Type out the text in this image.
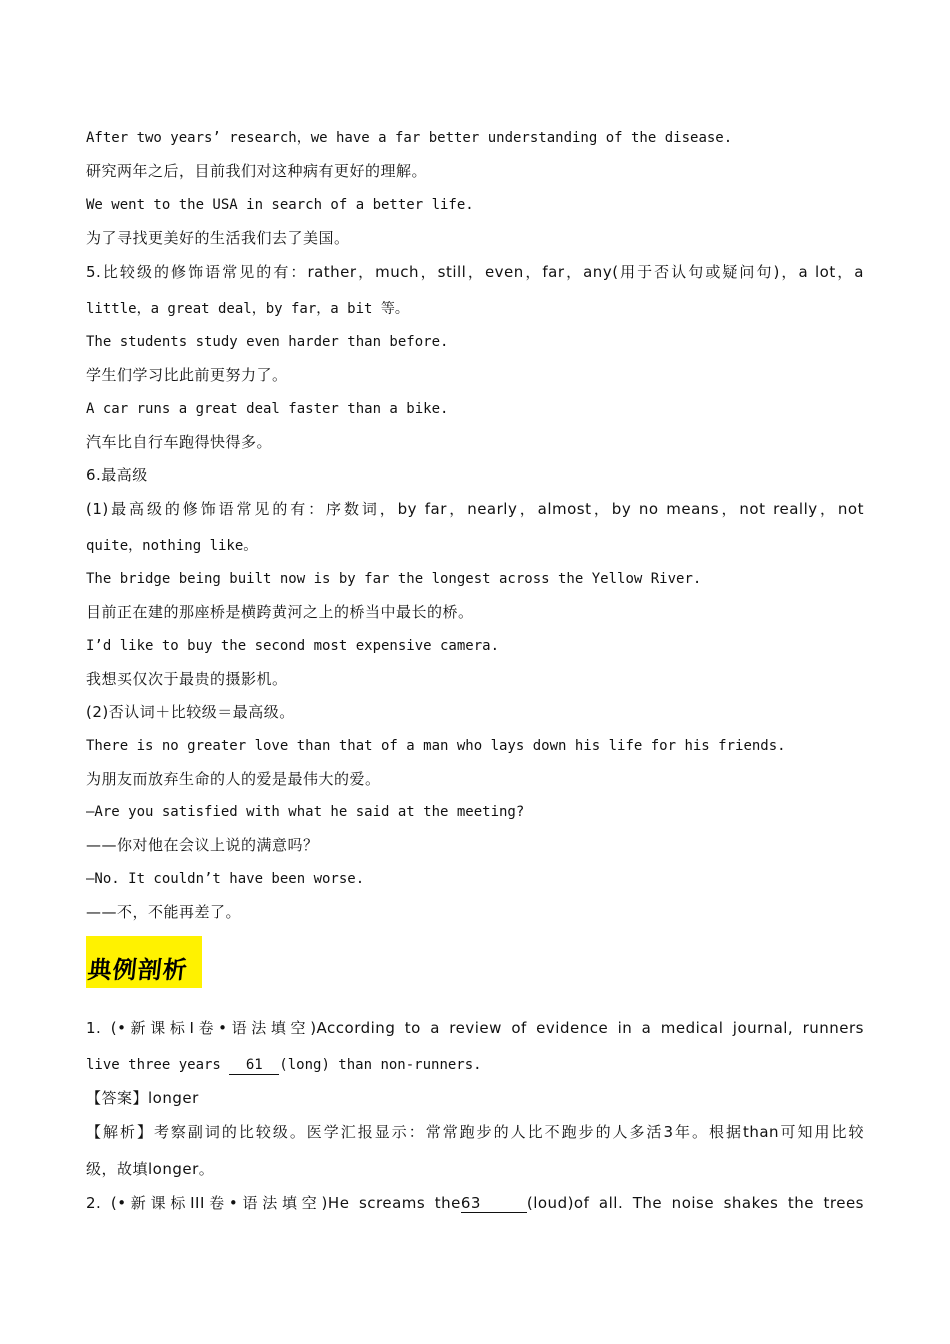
After two years’ research，we have a far better understanding of the disease.
研究两年之后，目前我们对这种病有更好的理解。
We went to the USA in search of a better life.
为了寻找更美好的生活我们去了美国。
5.比较级的修饰语常见的有：rather，much，still，even，far，any(用于否认句或疑问句)，a lot，a
little，a great deal，by far，a bit 等。
The students study even harder than before.
学生们学习比此前更努力了。
A car runs a great deal faster than a bike.
汽车比自行车跑得快得多。
6.最高级
(1)最高级的修饰语常见的有：序数词，by far，nearly，almost，by no means，not really，not
quite，nothing like。
The bridge being built now is by far the longest across the Yellow River.
目前正在建的那座桥是横跨黄河之上的桥当中最长的桥。
I’d like to buy the second most expensive camera.
我想买仅次于最贵的摄影机。
(2)否认词＋比较级＝最高级。
There is no greater love than that of a man who lays down his life for his friends.
为朋友而放弃生命的人的爱是最伟大的爱。
—Are you satisfied with what he said at the meeting?
——你对他在会议上说的满意吗？
—No. It couldn’t have been worse.
——不，不能再差了。
典例剖析
1. (•新课标I卷•语法填空)According to a review of evidence in a medical journal, runners
live three years 61 (long) than non-runners.
【答案】longer
【解析】考察副词的比较级。医学汇报显示：常常跑步的人比不跑步的人多活3年。根据than可知用比较
级，故填longer。
2. (•新课标III卷•语法填空)He screams the63	(loud)of all. The noise shakes the trees
